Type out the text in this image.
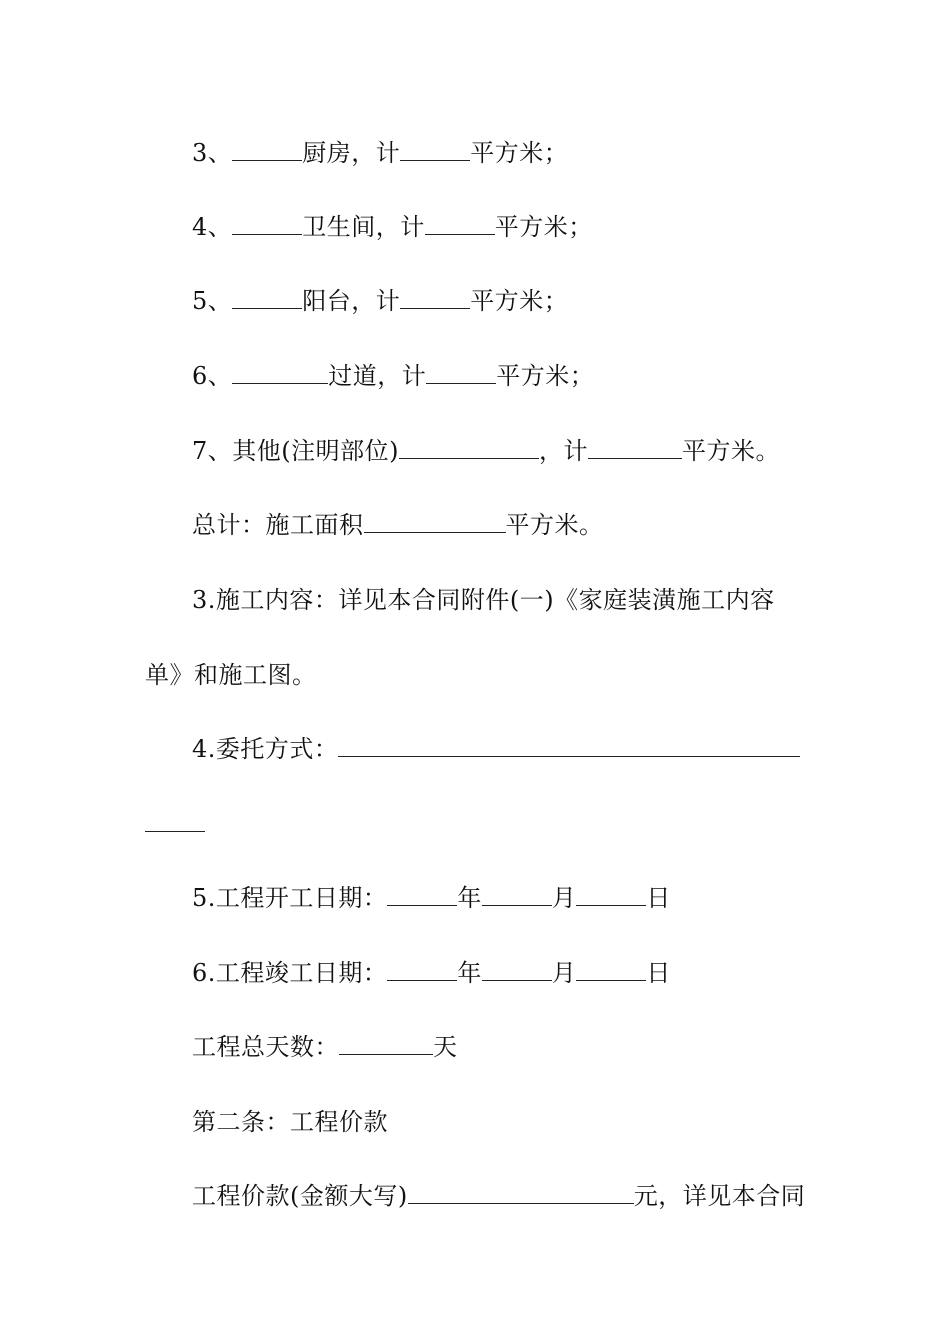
3、	厨房，计	平方米；
4、	卫生间，计	平方米；
5、	阳台，计	平方米；
6、	过道，计	平方米；
7、其他(注明部位)	，计	平方米。
总计：施工面积	平方米。
3.施工内容：详见本合同附件(一)《家庭装潢施工内容
单》和施工图。
4.委托方式：
5.工程开工日期：	年	月	日
6.工程竣工日期：	年	月	日
工程总天数：	天
第二条：工程价款
工程价款(金额大写)	元，详见本合同
